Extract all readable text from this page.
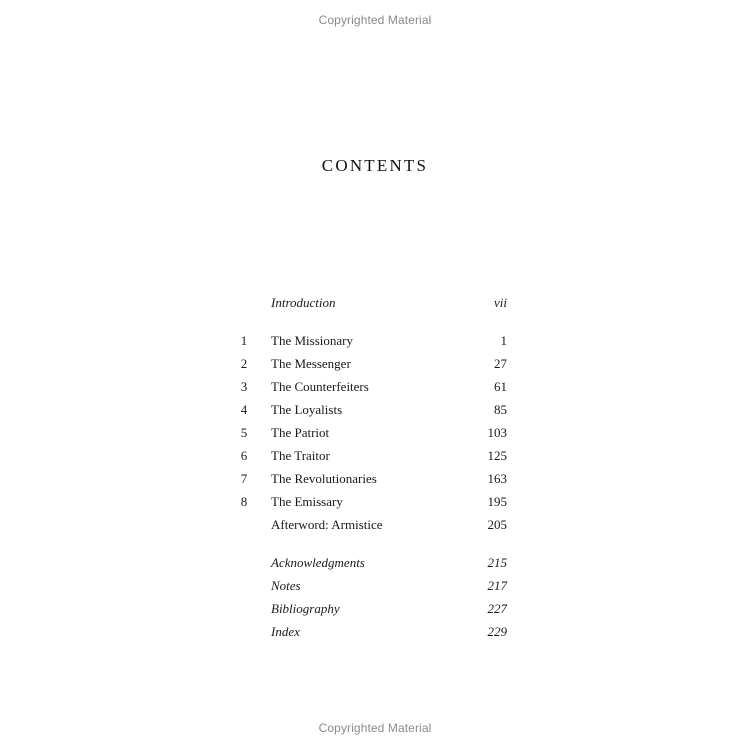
Copyrighted Material
CONTENTS
Introduction	vii
1 The Missionary	1
2 The Messenger	27
3 The Counterfeiters	61
4 The Loyalists	85
5 The Patriot	103
6 The Traitor	125
7 The Revolutionaries	163
8 The Emissary	195
Afterword: Armistice	205
Acknowledgments	215
Notes	217
Bibliography	227
Index	229
Copyrighted Material
